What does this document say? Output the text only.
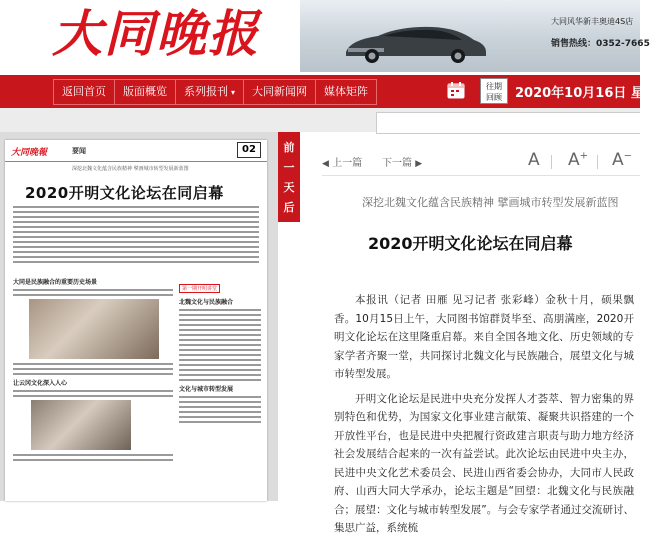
大同晚报	大同风华新丰奥迪4S店
销售热线：0352-7665
返回首页	版面概览	系列报刊 ▾	大同新闻网	媒体矩阵	往期
回顾	2020年10月16日 星期
大同晚報	要闻	02
深挖北魏文化蕴含民族精神 擘画城市转型发展新蓝图
2020开明文化论坛在同启幕
大同是民族融合的重要历史场景
让云冈文化深入人心
第一期开明讲堂
北魏文化与民族融合
文化与城市转型发展
前
一
天
后
一
天
◀ 上一篇 下一篇 ▶	A A+ A−
深挖北魏文化蕴含民族精神 擘画城市转型发展新蓝图
2020开明文化论坛在同启幕

本报讯（记者 田雁 见习记者 张彩峰）金秋十月，硕果飘香。10月15日上午，大同图书馆群贤毕至、高朋满座，2020开明文化论坛在这里隆重启幕。来自全国各地文化、历史领域的专家学者齐聚一堂，共同探讨北魏文化与民族融合，展望文化与城市转型发展。

开明文化论坛是民进中央充分发挥人才荟萃、智力密集的界别特色和优势，为国家文化事业建言献策、凝聚共识搭建的一个开放性平台，也是民进中央把履行资政建言职责与助力地方经济社会发展结合起来的一次有益尝试。此次论坛由民进中央主办，民进中央文化艺术委员会、民进山西省委会协办，大同市人民政府、山西大同大学承办，论坛主题是“回望：北魏文化与民族融合；展望：文化与城市转型发展”。与会专家学者通过交流研讨、集思广益，系统梳
